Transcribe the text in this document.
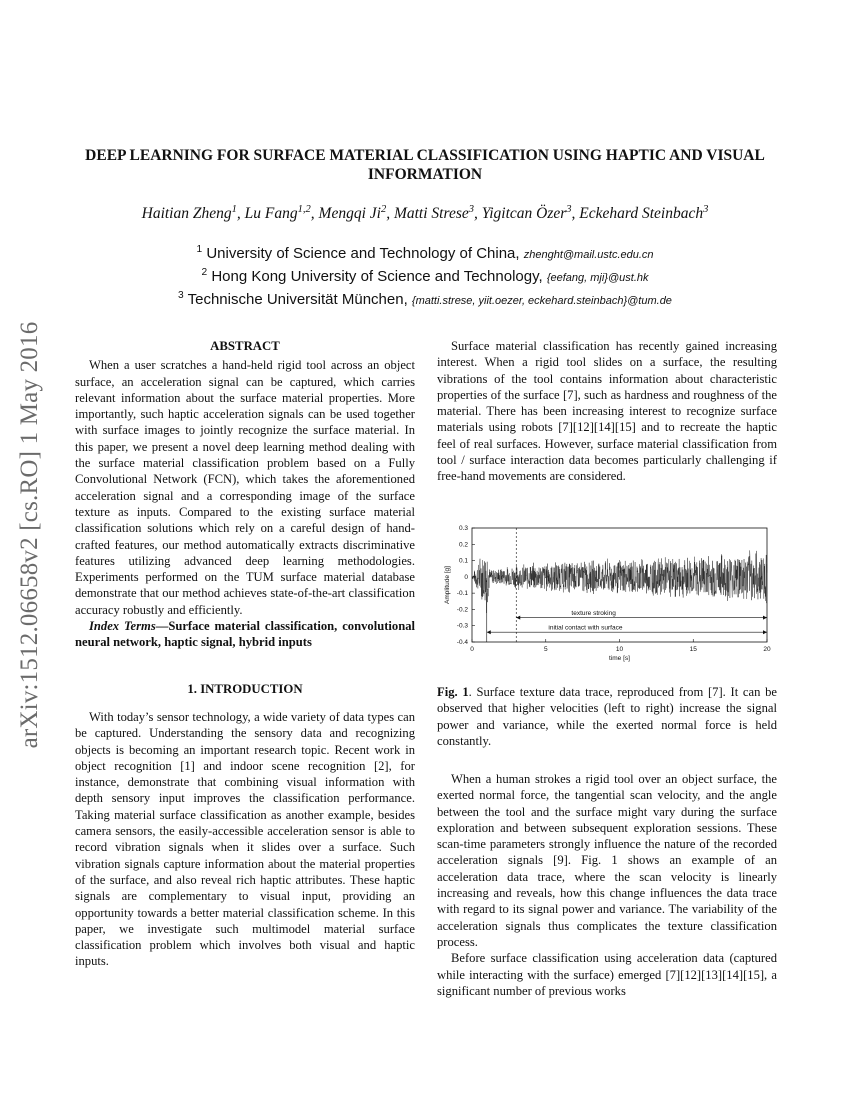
arXiv:1512.06658v2 [cs.RO] 1 May 2016
DEEP LEARNING FOR SURFACE MATERIAL CLASSIFICATION USING HAPTIC AND VISUAL INFORMATION
Haitian Zheng$^1$, Lu Fang$^{1,2}$, Mengqi Ji$^2$, Matti Strese$^3$, Yigitcan Özer$^3$, Eckehard Steinbach$^3$
$^1$ University of Science and Technology of China, zhenght@mail.ustc.edu.cn
$^2$ Hong Kong University of Science and Technology, {eefang, mji}@ust.hk
$^3$ Technische Universität München, {matti.strese, yiit.oezer, eckehard.steinbach}@tum.de
ABSTRACT

When a user scratches a hand-held rigid tool across an object surface, an acceleration signal can be captured, which carries relevant information about the surface material properties. More importantly, such haptic acceleration signals can be used together with surface images to jointly recognize the surface material. In this paper, we present a novel deep learning method dealing with the surface material classification problem based on a Fully Convolutional Network (FCN), which takes the aforementioned acceleration signal and a corresponding image of the surface texture as inputs. Compared to the existing surface material classification solutions which rely on a careful design of hand-crafted features, our method automatically extracts discriminative features utilizing advanced deep learning methodologies. Experiments performed on the TUM surface material database demonstrate that our method achieves state-of-the-art classification accuracy robustly and efficiently.

Index Terms—Surface material classification, convolutional neural network, haptic signal, hybrid inputs

1. INTRODUCTION

With today’s sensor technology, a wide variety of data types can be captured. Understanding the sensory data and recognizing objects is becoming an important research topic. Recent work in object recognition [1] and indoor scene recognition [2], for instance, demonstrate that combining visual information with depth sensory input improves the classification performance. Taking material surface classification as another example, besides camera sensors, the easily-accessible acceleration sensor is able to record vibration signals when it slides over a surface. Such vibration signals capture information about the material properties of the surface, and also reveal rich haptic attributes. These haptic signals are complementary to visual input, providing an opportunity towards a better material classification scheme. In this paper, we investigate such multimodel material surface classification problem which involves both visual and haptic inputs.

Surface material classification has recently gained increasing interest. When a rigid tool slides on a surface, the resulting vibrations of the tool contains information about characteristic properties of the surface [7], such as hardness and roughness of the material. There has been increasing interest to recognize surface materials using robots [7][12][14][15] and to recreate the haptic feel of real surfaces. However, surface material classification from tool / surface interaction data becomes particularly challenging if free-hand movements are considered.

0.3
0.2
0.1
0
-0.1
-0.2
-0.3
-0.4
0	5	10	15	20
time [s]
Amplitude [g]
texture stroking
initial contact with surface
Fig. 1. Surface texture data trace, reproduced from [7]. It can be observed that higher velocities (left to right) increase the signal power and variance, while the exerted normal force is held constantly.

When a human strokes a rigid tool over an object surface, the exerted normal force, the tangential scan velocity, and the angle between the tool and the surface might vary during the surface exploration and between subsequent exploration sessions. These scan-time parameters strongly influence the nature of the recorded acceleration signals [9]. Fig. 1 shows an example of an acceleration data trace, where the scan velocity is linearly increasing and reveals, how this change influences the data trace with regard to its signal power and variance. The variability of the acceleration signals thus complicates the texture classification process.

Before surface classification using acceleration data (captured while interacting with the surface) emerged [7][12][13][14][15], a significant number of previous works
